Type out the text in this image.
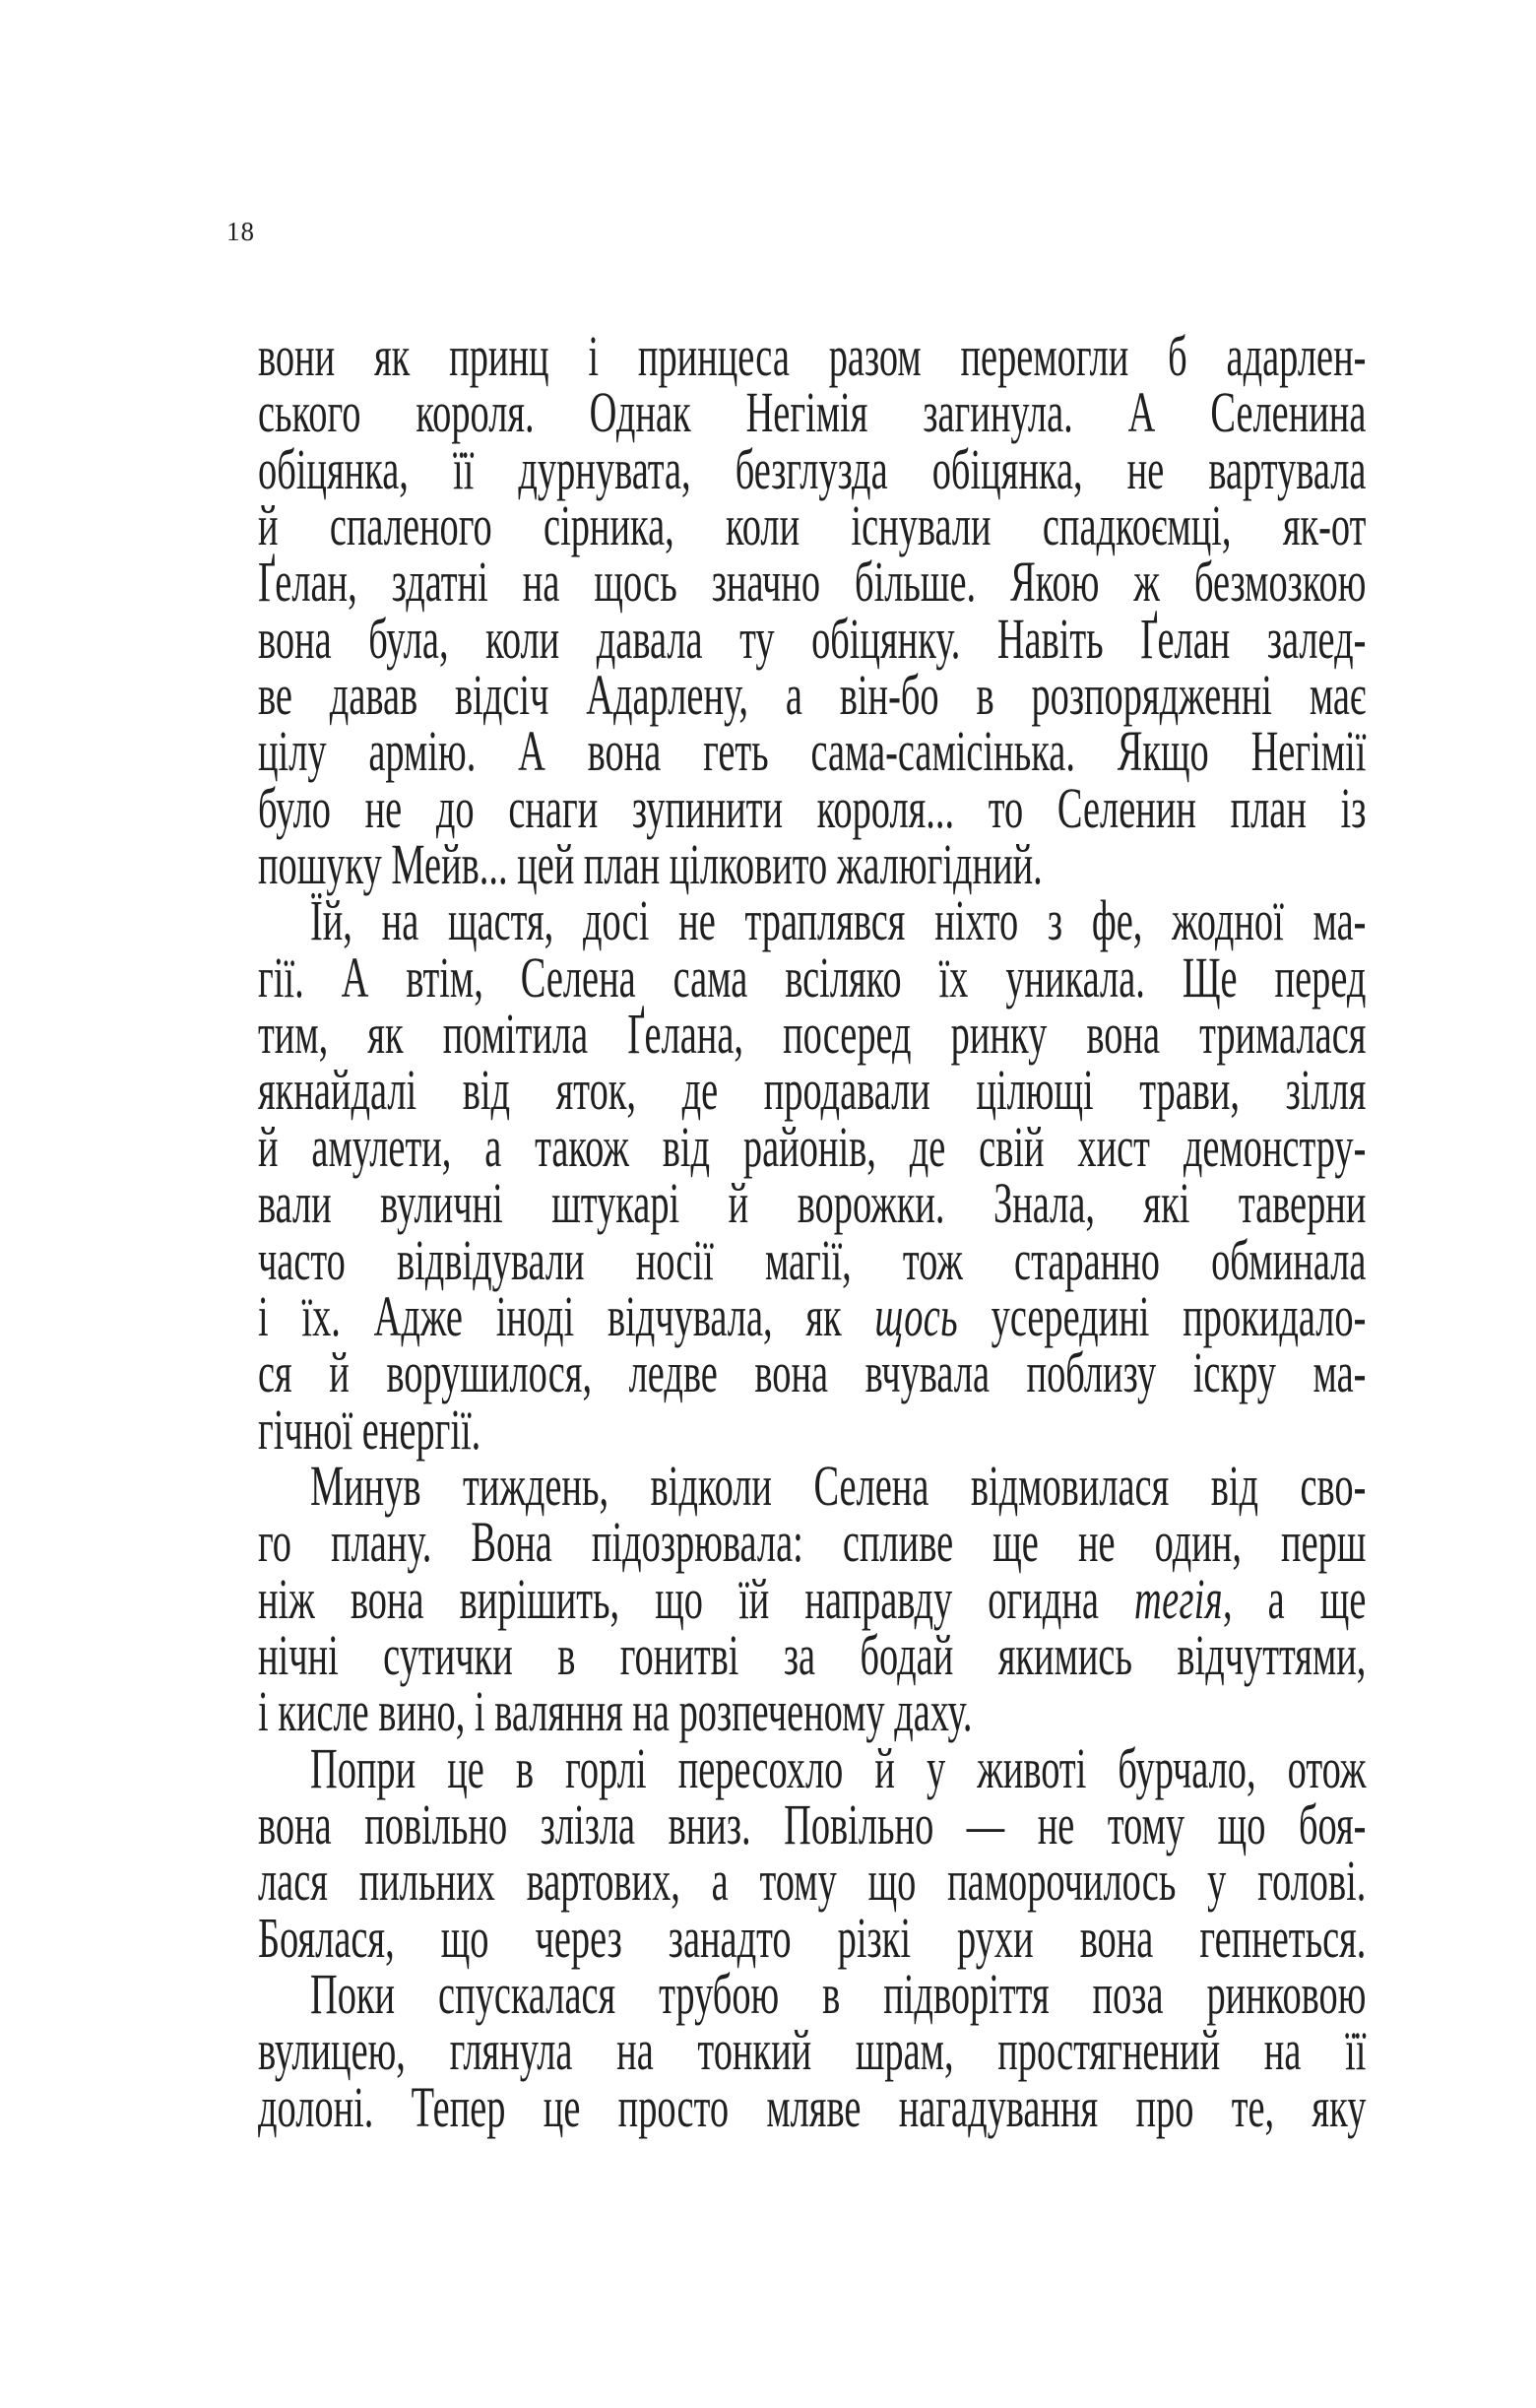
18
вони як принц і принцеса разом перемогли б адарлен-
ського короля. Однак Негімія загинула. А Селенина
обіцянка, її дурнувата, безглузда обіцянка, не вартувала
й спаленого сірника, коли існували спадкоємці, як-от
Ґелан, здатні на щось значно більше. Якою ж безмозкою
вона була, коли давала ту обіцянку. Навіть Ґелан залед-
ве давав відсіч Адарлену, а він-бо в розпорядженні має
цілу армію. А вона геть сама-самісінька. Якщо Негімії
було не до снаги зупинити короля... то Селенин план із
пошуку Мейв... цей план цілковито жалюгідний.
Їй, на щастя, досі не траплявся ніхто з фе, жодної ма-
гії. А втім, Селена сама всіляко їх уникала. Ще перед
тим, як помітила Ґелана, посеред ринку вона трималася
якнайдалі від яток, де продавали цілющі трави, зілля
й амулети, а також від районів, де свій хист демонстру-
вали вуличні штукарі й ворожки. Знала, які таверни
часто відвідували носії магії, тож старанно обминала
і їх. Адже іноді відчувала, як щось усередині прокидало-
ся й ворушилося, ледве вона вчувала поблизу іскру ма-
гічної енергії.
Минув тиждень, відколи Селена відмовилася від сво-
го плану. Вона підозрювала: спливе ще не один, перш
ніж вона вирішить, що їй направду огидна тегія, а ще
нічні сутички в гонитві за бодай якимись відчуттями,
і кисле вино, і валяння на розпеченому даху.
Попри це в горлі пересохло й у животі бурчало, отож
вона повільно злізла вниз. Повільно — не тому що боя-
лася пильних вартових, а тому що паморочилось у голові.
Боялася, що через занадто різкі рухи вона гепнеться.
Поки спускалася трубою в підворіття поза ринковою
вулицею, глянула на тонкий шрам, простягнений на її
долоні. Тепер це просто мляве нагадування про те, яку
